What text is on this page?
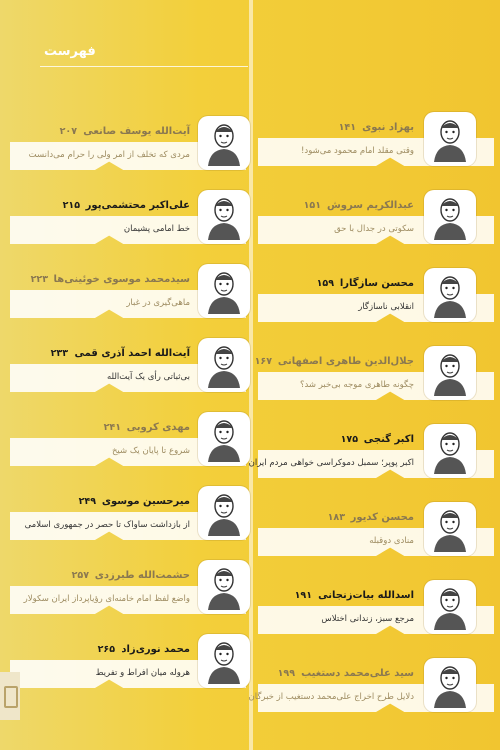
فهرست
آیت‌الله یوسف صانعی
۲۰۷
مردی که تخلف از امر ولی را حرام می‌دانست
علی‌اکبر محتشمی‌پور
۲۱۵
خط امامی پشیمان
سیدمحمد موسوی خوئینی‌ها
۲۲۳
ماهی‌گیری در غبار
آیت‌الله احمد آذری قمی
۲۳۳
بی‌ثباتی رأی یک آیت‌الله
مهدی کروبی
۲۴۱
شروع تا پایان یک شیخ
میرحسین موسوی
۲۴۹
از بازداشت ساواک تا حصر در جمهوری اسلامی
حشمت‌الله طبرزدی
۲۵۷
واضع لفظ امام خامنه‌ای رؤیاپرداز ایران سکولار
محمد نوری‌زاد
۲۶۵
هروله میان افراط و تفریط
بهزاد نبوی
۱۴۱
وقتی مقلد امام محمود می‌شود!
عبدالکریم سروش
۱۵۱
سکوتی در جدال با حق
محسن سازگارا
۱۵۹
انقلابی ناسازگار
جلال‌الدین طاهری اصفهانی
۱۶۷
چگونه طاهری موجه بی‌خبر شد؟
اکبر گنجی
۱۷۵
اکبر پوپر؛ سمبل دموکراسی خواهی مردم ایران
محسن کدیور
۱۸۳
منادی دوقبله
اسدالله بیات‌زنجانی
۱۹۱
مرجع سبز، زندانی اختلاس
سید علی‌محمد دستغیب
۱۹۹
دلایل طرح اخراج علی‌محمد دستغیب از خبرگان
